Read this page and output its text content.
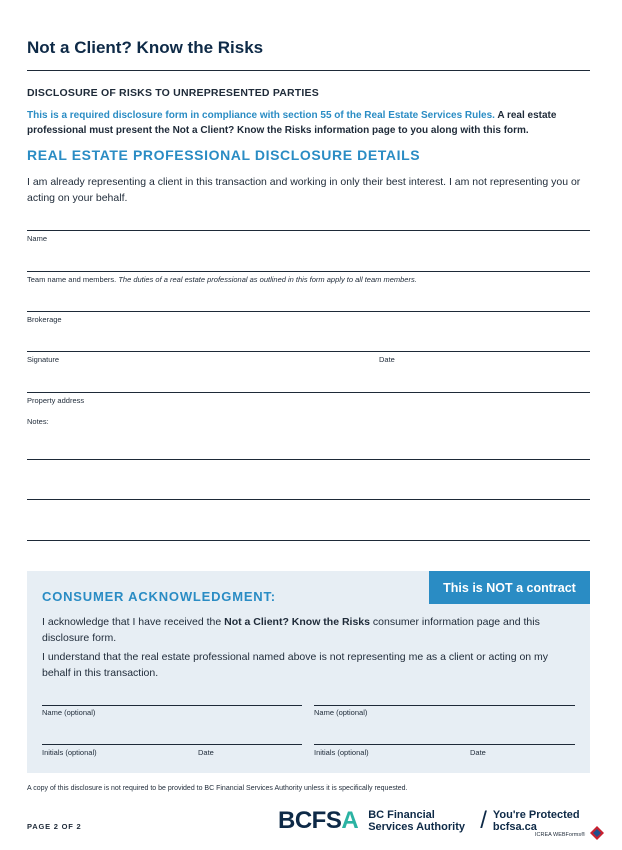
Not a Client? Know the Risks
DISCLOSURE OF RISKS TO UNREPRESENTED PARTIES
This is a required disclosure form in compliance with section 55 of the Real Estate Services Rules. A real estate professional must present the Not a Client? Know the Risks information page to you along with this form.
REAL ESTATE PROFESSIONAL DISCLOSURE DETAILS
I am already representing a client in this transaction and working in only their best interest. I am not representing you or acting on your behalf.
Name
Team name and members. The duties of a real estate professional as outlined in this form apply to all team members.
Brokerage
Signature	Date
Property address
Notes:
This is NOT a contract
CONSUMER ACKNOWLEDGMENT:
I acknowledge that I have received the Not a Client? Know the Risks consumer information page and this disclosure form.
I understand that the real estate professional named above is not representing me as a client or acting on my behalf in this transaction.
Name (optional)	Name (optional)
Initials (optional)	Date	Initials (optional)	Date
A copy of this disclosure is not required to be provided to BC Financial Services Authority unless it is specifically requested.
PAGE 2 OF 2	BCFSA BC Financial
Services Authority / You're Protected
bcfsa.ca
ICREA WEBForms®
